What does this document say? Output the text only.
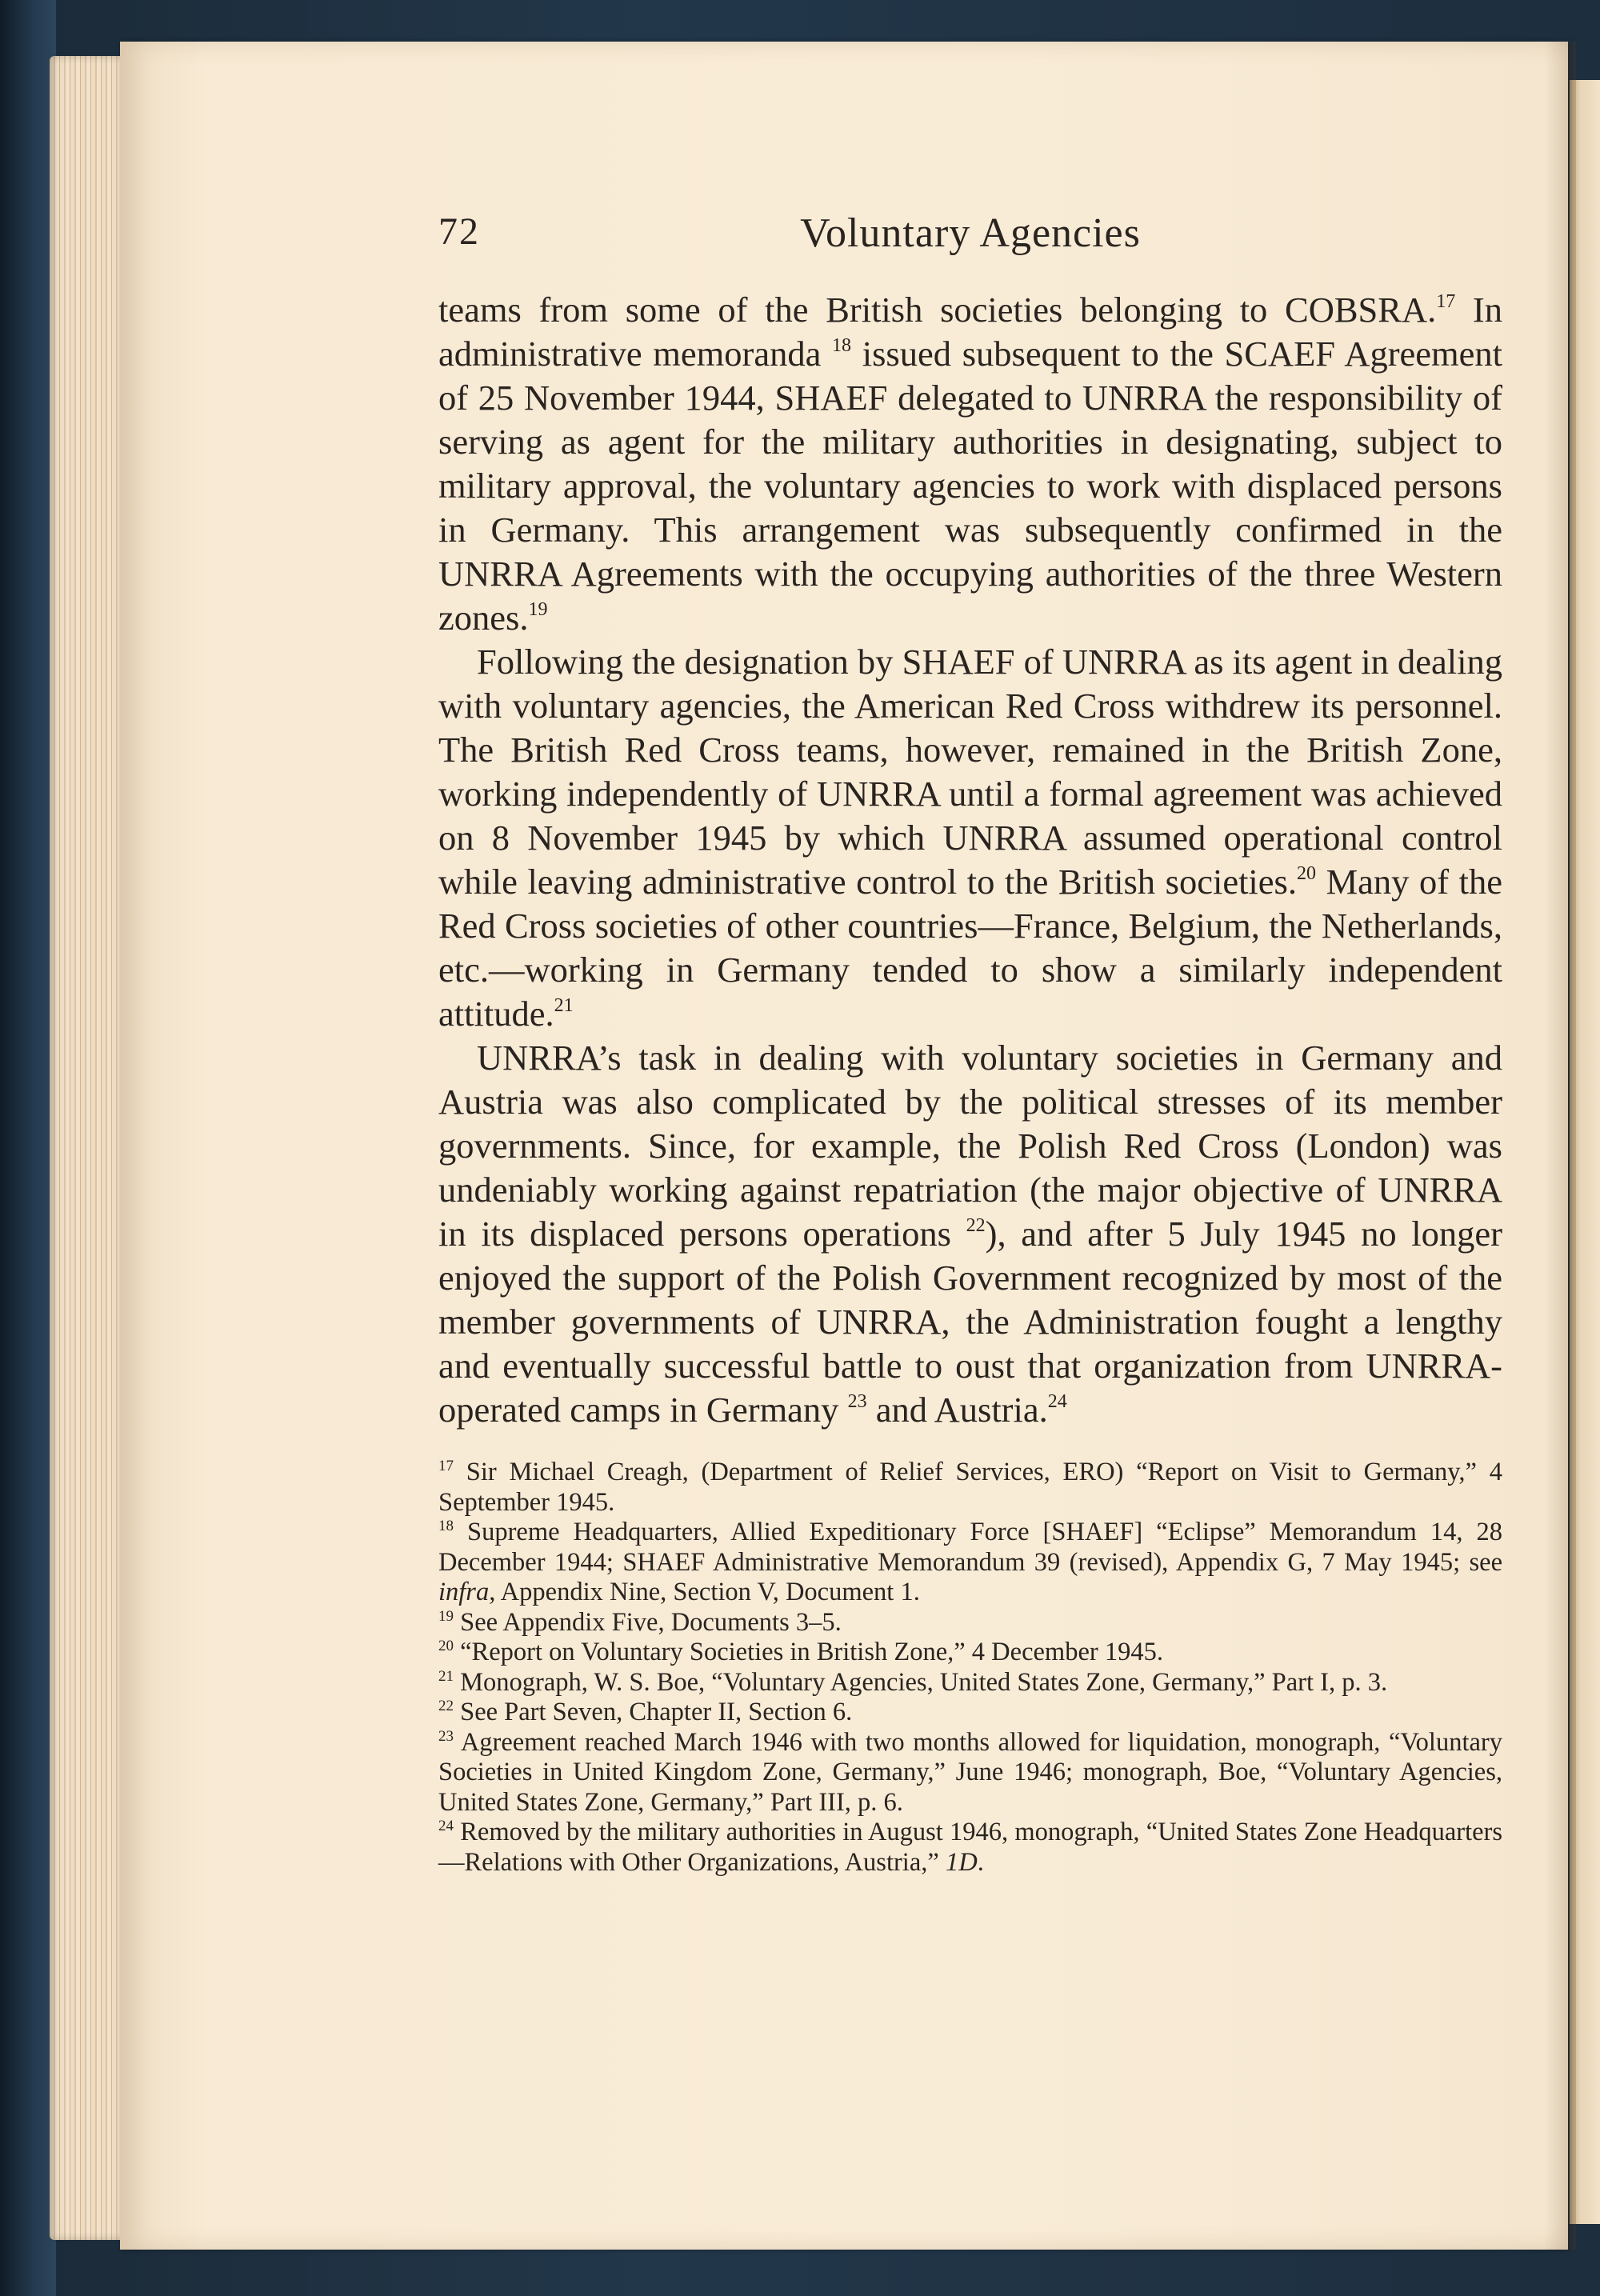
72	Voluntary Agencies

teams from some of the British societies belonging to COBSRA.$^{17}$ In administrative memoranda $^{18}$ issued subsequent to the SCAEF Agreement of 25 November 1944, SHAEF delegated to UNRRA the responsibility of serving as agent for the military authorities in designating, subject to military approval, the voluntary agencies to work with displaced persons in Germany. This arrangement was subsequently confirmed in the UNRRA Agreements with the occupying authorities of the three Western zones.$^{19}$

Following the designation by SHAEF of UNRRA as its agent in dealing with voluntary agencies, the American Red Cross withdrew its personnel. The British Red Cross teams, however, remained in the British Zone, working independently of UNRRA until a formal agreement was achieved on 8 November 1945 by which UNRRA assumed operational control while leaving administrative control to the British societies.$^{20}$ Many of the Red Cross societies of other countries—France, Belgium, the Netherlands, etc.—working in Germany tended to show a similarly independent attitude.$^{21}$

UNRRA’s task in dealing with voluntary societies in Germany and Austria was also complicated by the political stresses of its member governments. Since, for example, the Polish Red Cross (London) was undeniably working against repatriation (the major objective of UNRRA in its displaced persons operations $^{22}$), and after 5 July 1945 no longer enjoyed the support of the Polish Government recognized by most of the member governments of UNRRA, the Administration fought a lengthy and eventually successful battle to oust that organization from UNRRA-operated camps in Germany $^{23}$ and Austria.$^{24}$

$^{17}$ Sir Michael Creagh, (Department of Relief Services, ERO) “Report on Visit to Germany,” 4 September 1945.

$^{18}$ Supreme Headquarters, Allied Expeditionary Force [SHAEF] “Eclipse” Memorandum 14, 28 December 1944; SHAEF Administrative Memorandum 39 (revised), Appendix G, 7 May 1945; see infra, Appendix Nine, Section V, Document 1.

$^{19}$ See Appendix Five, Documents 3–5.

$^{20}$ “Report on Voluntary Societies in British Zone,” 4 December 1945.

$^{21}$ Monograph, W. S. Boe, “Voluntary Agencies, United States Zone, Germany,” Part I, p. 3.

$^{22}$ See Part Seven, Chapter II, Section 6.

$^{23}$ Agreement reached March 1946 with two months allowed for liquidation, monograph, “Voluntary Societies in United Kingdom Zone, Germany,” June 1946; monograph, Boe, “Voluntary Agencies, United States Zone, Germany,” Part III, p. 6.

$^{24}$ Removed by the military authorities in August 1946, monograph, “United States Zone Headquarters—Relations with Other Organizations, Austria,” 1D.
